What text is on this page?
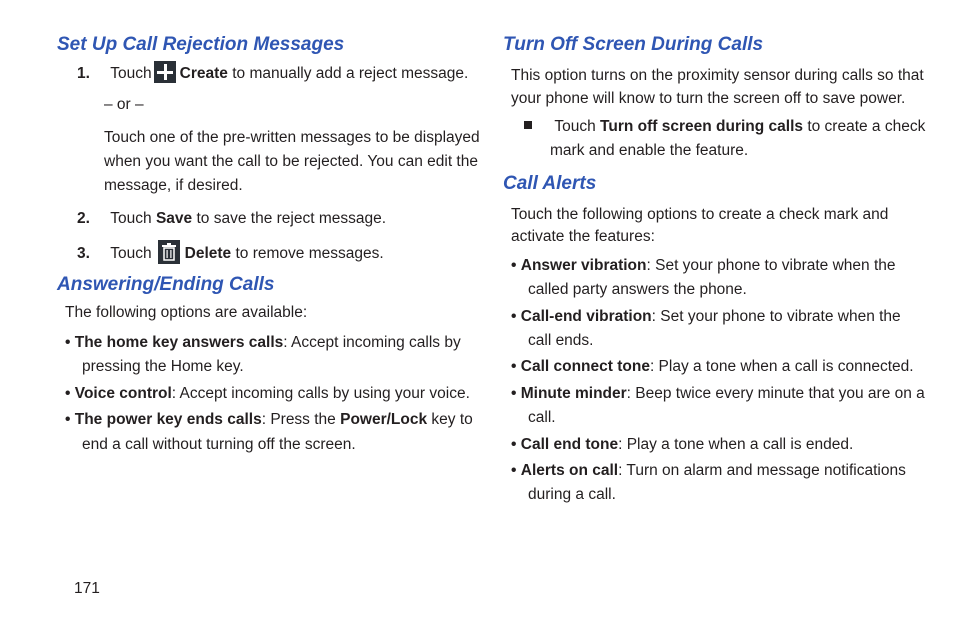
Set Up Call Rejection Messages
1. Touch Create to manually add a reject message.
– or –
Touch one of the pre-written messages to be displayed
when you want the call to be rejected. You can edit the
message, if desired.
2. Touch Save to save the reject message.
3. Touch Delete to remove messages.
Answering/Ending Calls
The following options are available:
• The home key answers calls: Accept incoming calls by
pressing the Home key.
• Voice control: Accept incoming calls by using your voice.
• The power key ends calls: Press the Power/Lock key to
end a call without turning off the screen.
171
Turn Off Screen During Calls
This option turns on the proximity sensor during calls so that
your phone will know to turn the screen off to save power.
Touch Turn off screen during calls to create a check
mark and enable the feature.
Call Alerts
Touch the following options to create a check mark and
activate the features:
• Answer vibration: Set your phone to vibrate when the
called party answers the phone.
• Call-end vibration: Set your phone to vibrate when the
call ends.
• Call connect tone: Play a tone when a call is connected.
• Minute minder: Beep twice every minute that you are on a
call.
• Call end tone: Play a tone when a call is ended.
• Alerts on call: Turn on alarm and message notifications
during a call.
